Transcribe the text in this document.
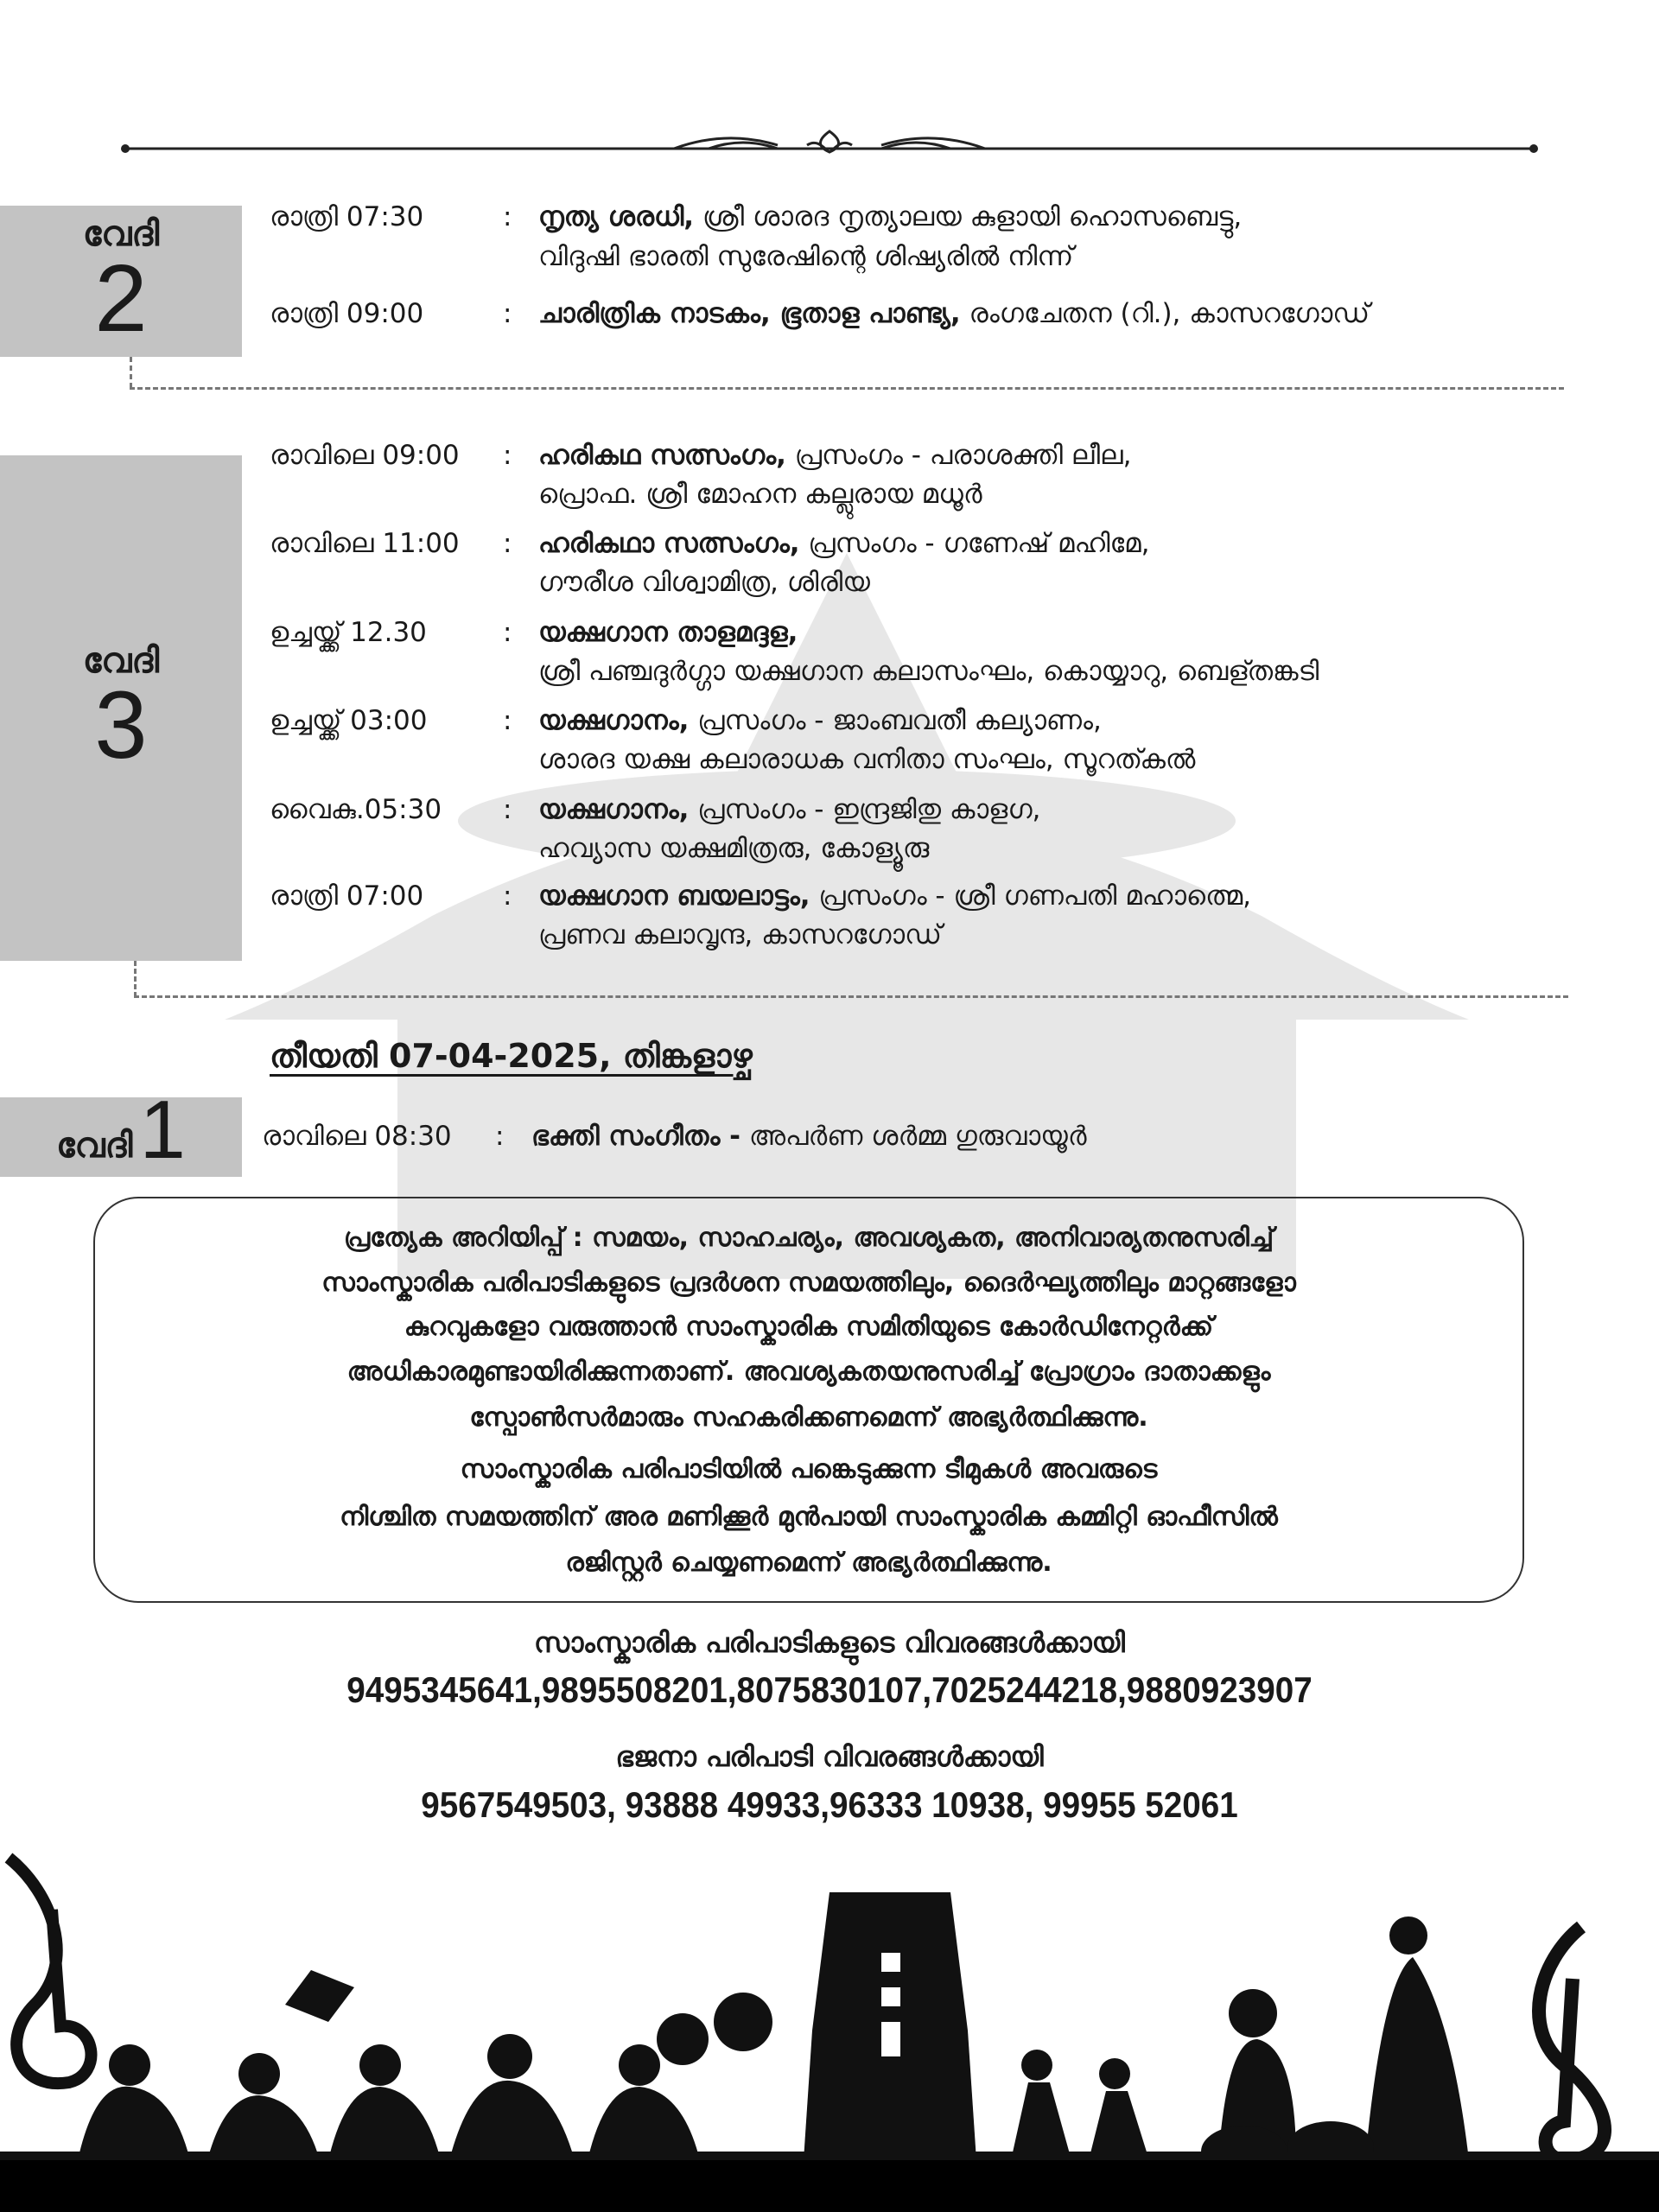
വേദി
2
രാത്രി 07:30	: നൃത്യ ശരധി, ശ്രീ ശാരദ നൃത്യാലയ കുളായി ഹൊസബെട്ടു,
വിദുഷി ഭാരതി സുരേഷിന്റെ ശിഷ്യരിൽ നിന്ന്
രാത്രി 09:00	: ചാരിത്രിക നാടകം, ഭൂതാള പാണ്ട്യ, രംഗചേതന (റി.), കാസറഗോഡ്
വേദി
3
രാവിലെ 09:00 : ഹരികഥ സത്സംഗം, പ്രസംഗം - പരാശക്തി ലീല,
പ്രൊഫ. ശ്രീ മോഹന കല്ലുരായ മധൂർ
രാവിലെ 11:00 : ഹരികഥാ സത്സംഗം, പ്രസംഗം - ഗണേഷ് മഹിമേ,
ഗൗരീശ വിശ്വാമിത്ര, ശിരിയ
ഉച്ചയ്ക്ക് 12.30	: യക്ഷഗാന താളമദ്ദള,
ശ്രീ പഞ്ചദുർഗ്ഗാ യക്ഷഗാന കലാസംഘം, കൊയ്യാറു, ബെള്തങ്കടി
ഉച്ചയ്ക്ക് 03:00	: യക്ഷഗാനം, പ്രസംഗം - ജാംബവതീ കല്യാണം,
ശാരദ യക്ഷ കലാരാധക വനിതാ സംഘം, സൂറത്കൽ
വൈകു.05:30 : യക്ഷഗാനം, പ്രസംഗം - ഇന്ദ്രജിതു കാളഗ,
ഹവ്യാസ യക്ഷമിത്രരു, കോള്യൂരു
രാത്രി 07:00	: യക്ഷഗാന ബയലാട്ടം, പ്രസംഗം - ശ്രീ ഗണപതി മഹാത്മെ,
പ്രണവ കലാവൃന്ദ, കാസറഗോഡ്
തീയതി 07-04-2025, തിങ്കളാഴ്ച
വേദി 1	രാവിലെ 08:30 : ഭക്തി സംഗീതം - അപർണ ശർമ്മ ഗുരുവായൂർ
പ്രത്യേക അറിയിപ്പ് : സമയം, സാഹചര്യം, അവശ്യകത, അനിവാര്യതനുസരിച്ച്
സാംസ്കാരിക പരിപാടികളുടെ പ്രദർശന സമയത്തിലും, ദൈർഘ്യത്തിലും മാറ്റങ്ങളോ
കുറവുകളോ വരുത്താൻ സാംസ്കാരിക സമിതിയുടെ കോർഡിനേറ്റർക്ക്
അധികാരമുണ്ടായിരിക്കുന്നതാണ്. അവശ്യകതയനുസരിച്ച് പ്രോഗ്രാം ദാതാക്കളും
സ്പോൺസർമാരും സഹകരിക്കണമെന്ന് അഭ്യർത്ഥിക്കുന്നു.
സാംസ്കാരിക പരിപാടിയിൽ പങ്കെടുക്കുന്ന ടീമുകൾ അവരുടെ
നിശ്ചിത സമയത്തിന് അര മണിക്കൂർ മുൻപായി സാംസ്കാരിക കമ്മിറ്റി ഓഫീസിൽ
രജിസ്റ്റർ ചെയ്യണമെന്ന് അഭ്യർത്ഥിക്കുന്നു.
സാംസ്കാരിക പരിപാടികളുടെ വിവരങ്ങൾക്കായി
9495345641,9895508201,8075830107,7025244218,9880923907
ഭജനാ പരിപാടി വിവരങ്ങൾക്കായി
9567549503, 93888 49933,96333 10938, 99955 52061
